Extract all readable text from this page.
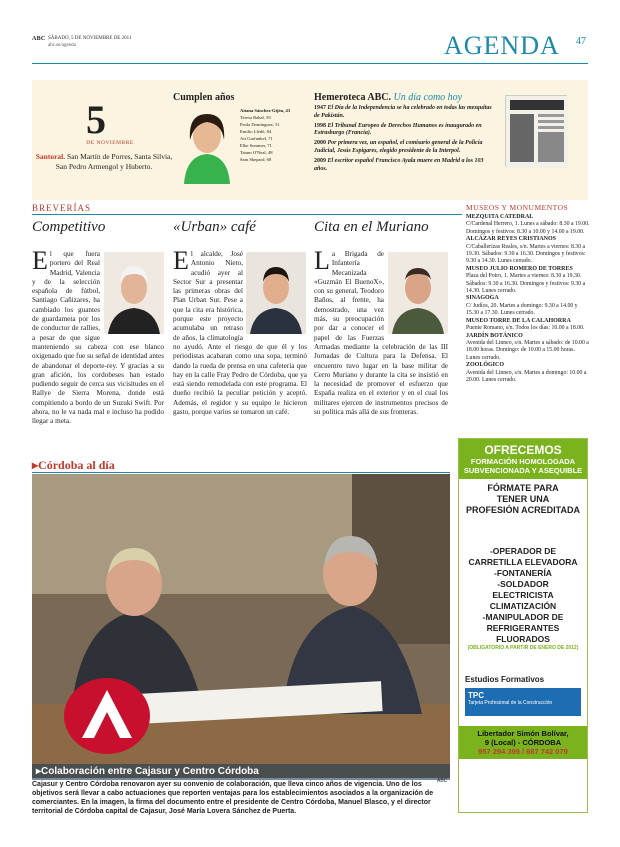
ABC SÁBADO, 5 DE NOVIEMBRE DE 2011
abc.es/agenda	AGENDA 47
5
DE NOVIEMBRE
Santoral. San Martín de Porres, Santa Silvia, San Pedro Armengol y Huberto.
Cumplen años
Aitana Sánchez-Gijón, 43
Teresa Rabal, 59
Paola Domínguez, 51
Emilio Lledó, 84
Art Garfunkel, 71
Elke Sommer, 71
Tatum O'Neal, 48
Sam Shepard, 68
Hemeroteca ABC. Un día como hoy

1947 El Día de la Independencia se ha celebrado en todas las mezquitas de Pakistán.

1998 El Tribunal Europeo de Derechos Humanos es inaugurado en Estrasburgo (Francia).

2000 Por primera vez, un español, el comisario general de la Policía Judicial, Jesús Espigares, elegido presidente de la Interpol.

2009 El escritor español Francisco Ayala muere en Madrid a los 103 años.

BREVERÍAS
Competitivo
El que fuera portero del Real Madrid, Valencia y de la selección española de fútbol, Santiago Cañizares, ha cambiado los guantes de guardameta por los de conductor de rallies, a pesar de que sigue manteniendo su cabeza con ese blanco oxigenado que fue su señal de identidad antes de abandonar el deporte-rey. Y gracias a su gran afición, los cordobeses han estado pudiendo seguir de cerca sus vicisitudes en el Rallye de Sierra Morena, donde está compitiendo a bordo de un Suzuki Swift. Por ahora, no le va nada mal e incluso ha podido llegar a meta.
«Urban» café
El alcalde, José Antonio Nieto, acudió ayer al Sector Sur a presentar las primeras obras del Plan Urban Sur. Pese a que la cita era histórica, porque este proyecto acumulaba un retraso de años, la climatología no ayudó. Ante el riesgo de que él y los periodistas acabaran como una sopa, terminó dando la rueda de prensa en una cafetería que hay en la calle Fray Pedro de Córdoba, que ya está siendo remodelada con este programa. El dueño recibió la peculiar petición y aceptó. Además, el regidor y su equipo le hicieron gasto, porque varios se tomaron un café.
Cita en el Muriano
La Brigada de Infantería Mecanizada «Guzmán El BuenoX», con su general, Teodoro Baños, al frente, ha demostrado, una vez más, su preocupación por dar a conocer el papel de las Fuerzas Armadas mediante la celebración de las III Jornadas de Cultura para la Defensa. El encuentro tuvo lugar en la base militar de Cerro Muriano y durante la cita se insistió en la necesidad de promover el esfuerzo que España realiza en el exterior y en el cual los militares ejercen de instrumentos precisos de su política más allá de sus fronteras.
MUSEOS Y MONUMENTOS
MEZQUITA CATEDRAL
C/Cardenal Herrero, 1. Lunes a sábado: 8.30 a 19.00. Domingos y festivos: 8.30 a 10.00 y 14.00 a 19.00.
ALCÁZAR REYES CRISTIANOS
C/Caballerizas Reales, s/n. Martes a viernes: 8.30 a 19.30. Sábados: 9.30 a 16.30. Domingos y festivos: 9.30 a 14.30. Lunes cerrado.
MUSEO JULIO ROMERO DE TORRES
Plaza del Potro, 1. Martes a viernes: 8.30 a 19.30. Sábados: 9.30 a 16.30. Domingos y festivos: 9.30 a 14.30. Lunes cerrado.
SINAGOGA
C/ Judíos, 20. Martes a domingo: 9.30 a 14.00 y 15.30 a 17.30. Lunes cerrado.
MUSEO TORRE DE LA CALAHORRA
Puente Romano, s/n. Todos los días: 10.00 a 18.00.
JARDÍN BOTÁNICO
Avenida del Linneo, s/n. Martes a sábado: de 10.00 a 18.00 horas. Domingo: de 10.00 a 15.00 horas. Lunes cerrado.
ZOOLÓGICO
Avenida del Linneo, s/n. Martes a domingo: 10.00 a 20.00. Lunes cerrado.
▸Córdoba al día
▸Colaboración entre Cajasur y Centro Córdoba
ABC
Cajasur y Centro Córdoba renovaron ayer su convenio de colaboración, que lleva cinco años de vigencia. Uno de los objetivos será llevar a cabo actuaciones que reporten ventajas para los establecimientos asociados a la organización de comerciantes. En la imagen, la firma del documento entre el presidente de Centro Córdoba, Manuel Blasco, y el director territorial de Córdoba capital de Cajasur, José María Lovera Sánchez de Puerta.
OFRECEMOS
FORMACIÓN HOMOLOGADA
SUBVENCIONADA Y ASEQUIBLE
FÓRMATE PARA
TENER UNA
PROFESIÓN ACREDITADA
-OPERADOR DE
CARRETILLA ELEVADORA
-FONTANERÍA
-SOLDADOR
ELECTRICISTA
CLIMATIZACIÓN
-MANIPULADOR DE
REFRIGERANTES FLUORADOS
(OBLIGATORIO A PARTIR DE ENERO DE 2012)
Estudios Formativos
TPC
Tarjeta Profesional de la Construcción
Libertador Simón Bolívar,
9 (Local) - CÓRDOBA
957 294 399 / 687 742 079
